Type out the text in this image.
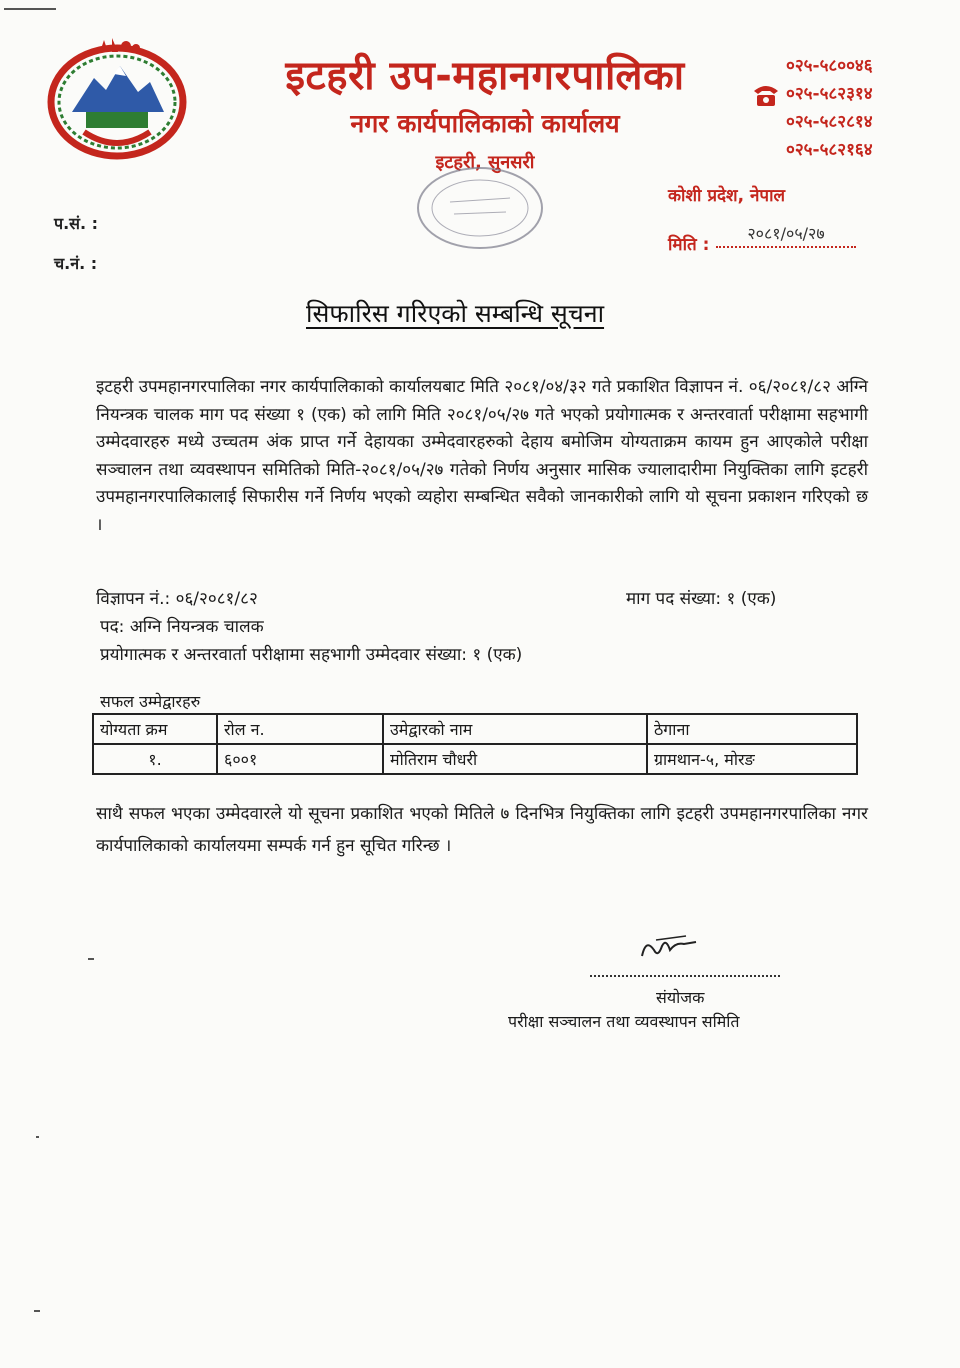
इटहरी उप-महानगरपालिका
नगर कार्यपालिकाको कार्यालय
इटहरी, सुनसरी
०२५-५८००४६
०२५-५८२३१४
०२५-५८२८१४
०२५-५८२१६४
कोशी प्रदेश, नेपाल
मिति :
२०८१/०५/२७
प.सं. :
च.नं. :
सिफारिस गरिएको सम्बन्धि सूचना
इटहरी उपमहानगरपालिका नगर कार्यपालिकाको कार्यालयबाट मिति २०८१/०४/३२ गते प्रकाशित विज्ञापन नं. ०६/२०८१/८२ अग्नि नियन्त्रक चालक माग पद संख्या १ (एक) को लागि मिति २०८१/०५/२७ गते भएको प्रयोगात्मक र अन्तरवार्ता परीक्षामा सहभागी उम्मेदवारहरु मध्ये उच्चतम अंक प्राप्त गर्ने देहायका उम्मेदवारहरुको देहाय बमोजिम योग्यताक्रम कायम हुन आएकोले परीक्षा सञ्चालन तथा व्यवस्थापन समितिको मिति-२०८१/०५/२७ गतेको निर्णय अनुसार मासिक ज्यालादारीमा नियुक्तिका लागि इटहरी उपमहानगरपालिकालाई सिफारीस गर्ने निर्णय भएको व्यहोरा सम्बन्धित सवैको जानकारीको लागि यो सूचना प्रकाशन गरिएको छ ।
विज्ञापन नं.: ०६/२०८१/८२	माग पद संख्या: १ (एक)
पद: अग्नि नियन्त्रक चालक
प्रयोगात्मक र अन्तरवार्ता परीक्षामा सहभागी उम्मेदवार संख्या: १ (एक)
सफल उम्मेद्वारहरु
योग्यता क्रम	रोल न.	उमेद्वारको नाम	ठेगाना
१.	६००१	मोतिराम चौधरी	ग्रामथान-५, मोरङ
साथै सफल भएका उम्मेदवारले यो सूचना प्रकाशित भएको मितिले ७ दिनभित्र नियुक्तिका लागि इटहरी उपमहानगरपालिका नगर कार्यपालिकाको कार्यालयमा सम्पर्क गर्न हुन सूचित गरिन्छ ।
संयोजक
परीक्षा सञ्चालन तथा व्यवस्थापन समिति
